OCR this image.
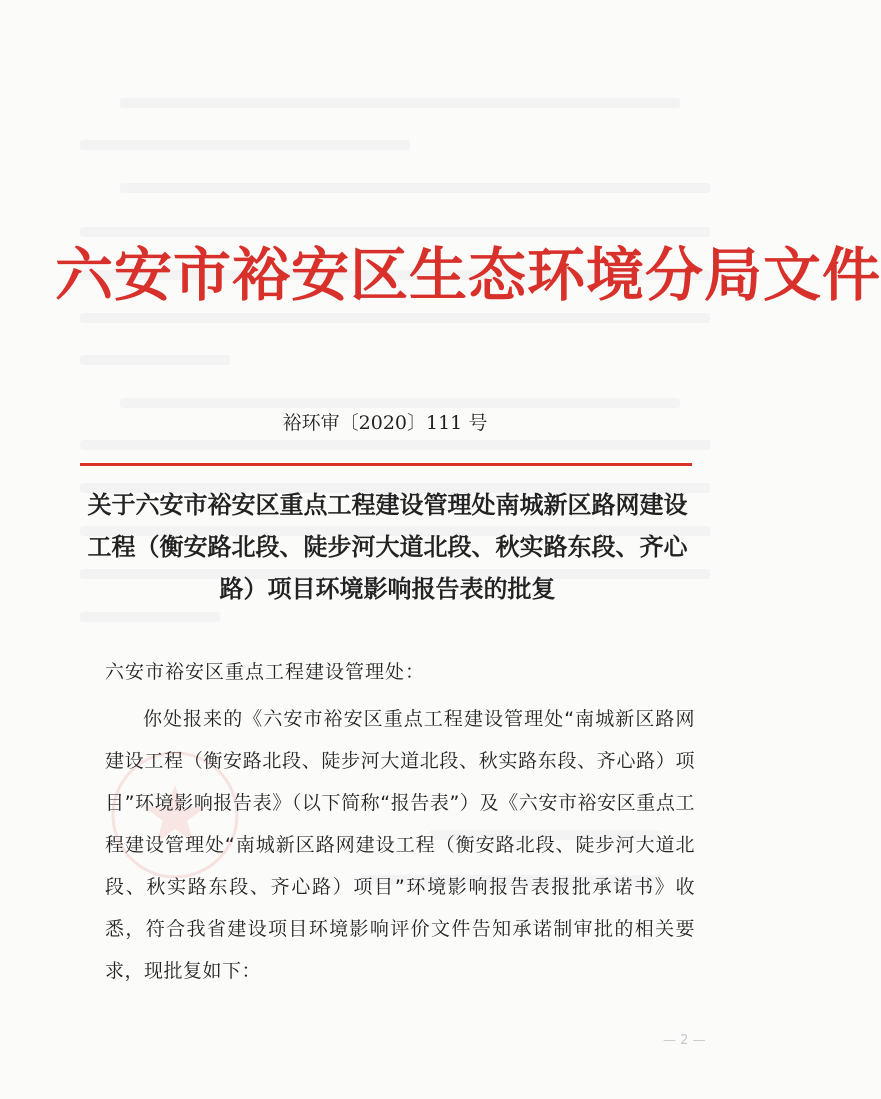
六安市裕安区生态环境分局文件
裕环审〔2020〕111 号
关于六安市裕安区重点工程建设管理处南城新区路网建设工程（衡安路北段、陡步河大道北段、秋实路东段、齐心路）项目环境影响报告表的批复
六安市裕安区重点工程建设管理处：
你处报来的《六安市裕安区重点工程建设管理处“南城新区路网建设工程（衡安路北段、陡步河大道北段、秋实路东段、齐心路）项目”环境影响报告表》（以下简称“报告表”）及《六安市裕安区重点工程建设管理处“南城新区路网建设工程（衡安路北段、陡步河大道北段、秋实路东段、齐心路）项目”环境影响报告表报批承诺书》收悉，符合我省建设项目环境影响评价文件告知承诺制审批的相关要求，现批复如下：
— 2 —
